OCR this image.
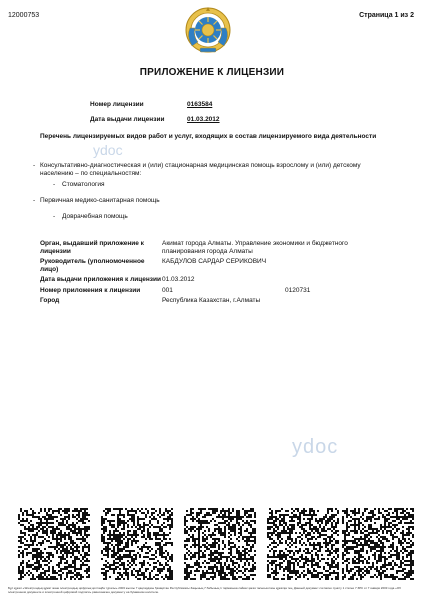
12000753	Страница 1 из 2
ПРИЛОЖЕНИЕ К ЛИЦЕНЗИИ
Номер лицензии	0163584
Дата выдачи лицензии	01.03.2012
Перечень лицензируемых видов работ и услуг, входящих в состав лицензируемого вида деятельности
ydoc
- Консультативно-диагностическая и (или) стационарная медицинская помощь взрослому и (или) детскому населению – по специальностям:
- Стоматология
- Первичная медико-санитарная помощь
- Доврачебная помощь
Орган, выдавший приложение к лицензии	Акимат города Алматы. Управление экономики и бюджетного планирования города Алматы
Руководитель (уполномоченное лицо)	КАБДУЛОВ САРДАР СЕРИКОВИЧ
Дата выдачи приложения к лицензии	01.03.2012
Номер приложения к лицензии	001 0120731

Город	Республика Казахстан, г.Алматы
ydoc
Бұл құжат «Электрондық құжат және электрондық цифрлық қолтаңба туралы» 2003 жылғы 7 қаңтардағы Қазақстан Республикасы Заңының 7 бабының 1 тармағына сәйкес қағаз тасығыштағы құжатқа тең. Данный документ согласно пункту 1 статьи 7 ЗРК от 7 января 2003 года «Об электронном документе и электронной цифровой подписи» равнозначен документу на бумажном носителе.
